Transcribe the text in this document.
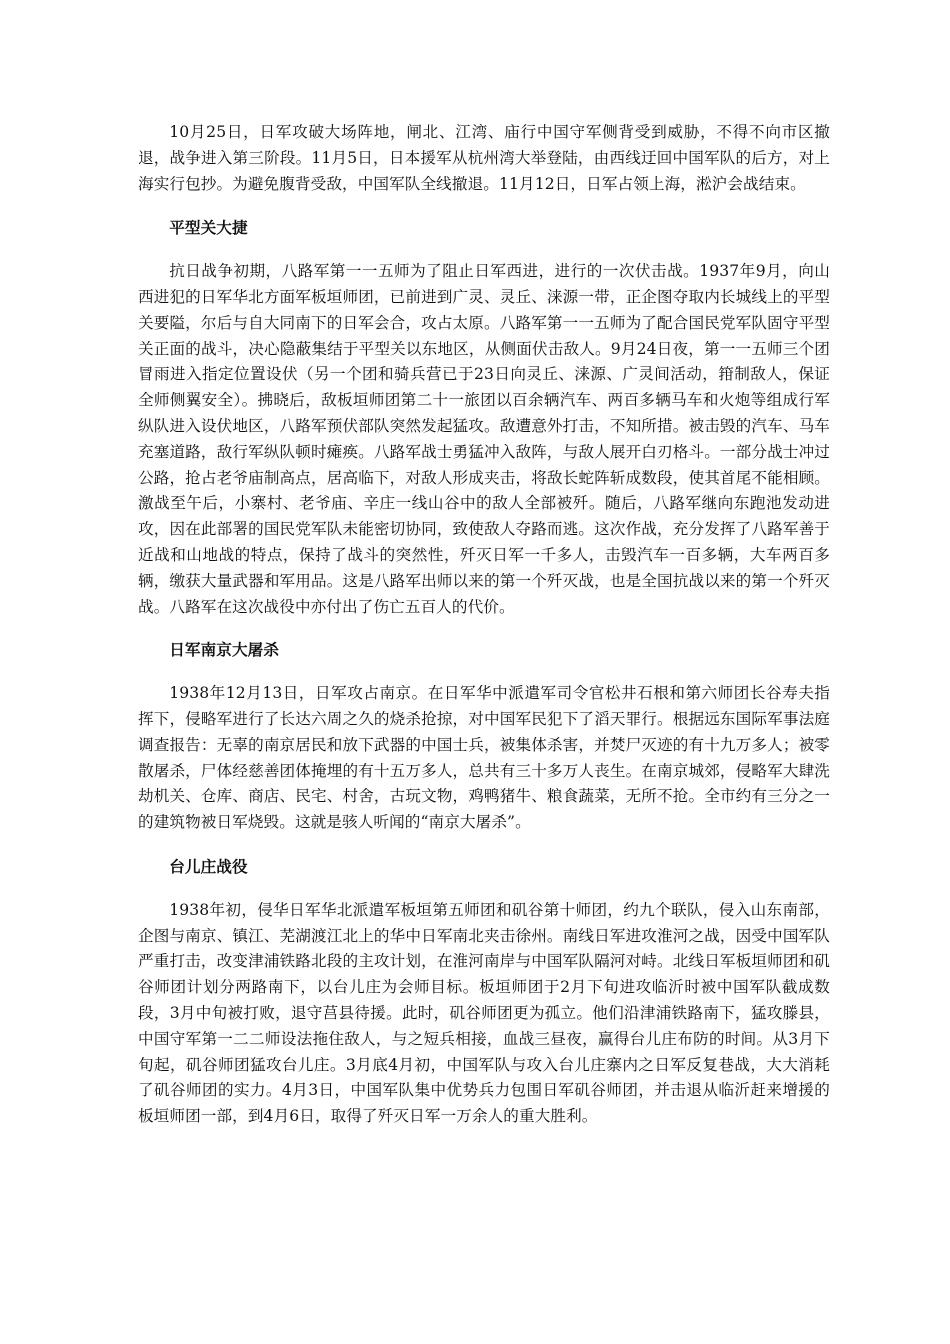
10月25日，日军攻破大场阵地，闸北、江湾、庙行中国守军侧背受到威胁，不得不向市区撤退，战争进入第三阶段。11月5日，日本援军从杭州湾大举登陆，由西线迂回中国军队的后方，对上海实行包抄。为避免腹背受敌，中国军队全线撤退。11月12日，日军占领上海，淞沪会战结束。

平型关大捷

抗日战争初期，八路军第一一五师为了阻止日军西进，进行的一次伏击战。1937年9月，向山西进犯的日军华北方面军板垣师团，已前进到广灵、灵丘、涞源一带，正企图夺取内长城线上的平型关要隘，尔后与自大同南下的日军会合，攻占太原。八路军第一一五师为了配合国民党军队固守平型关正面的战斗，决心隐蔽集结于平型关以东地区，从侧面伏击敌人。9月24日夜，第一一五师三个团冒雨进入指定位置设伏（另一个团和骑兵营已于23日向灵丘、涞源、广灵间活动，箝制敌人，保证全师侧翼安全）。拂晓后，敌板垣师团第二十一旅团以百余辆汽车、两百多辆马车和火炮等组成行军纵队进入设伏地区，八路军预伏部队突然发起猛攻。敌遭意外打击，不知所措。被击毁的汽车、马车充塞道路，敌行军纵队顿时瘫痪。八路军战士勇猛冲入敌阵，与敌人展开白刃格斗。一部分战士冲过公路，抢占老爷庙制高点，居高临下，对敌人形成夹击，将敌长蛇阵斩成数段，使其首尾不能相顾。激战至午后，小寨村、老爷庙、辛庄一线山谷中的敌人全部被歼。随后，八路军继向东跑池发动进攻，因在此部署的国民党军队未能密切协同，致使敌人夺路而逃。这次作战，充分发挥了八路军善于近战和山地战的特点，保持了战斗的突然性，歼灭日军一千多人，击毁汽车一百多辆，大车两百多辆，缴获大量武器和军用品。这是八路军出师以来的第一个歼灭战，也是全国抗战以来的第一个歼灭战。八路军在这次战役中亦付出了伤亡五百人的代价。

日军南京大屠杀

1938年12月13日，日军攻占南京。在日军华中派遣军司令官松井石根和第六师团长谷寿夫指挥下，侵略军进行了长达六周之久的烧杀抢掠，对中国军民犯下了滔天罪行。根据远东国际军事法庭调查报告：无辜的南京居民和放下武器的中国士兵，被集体杀害，并焚尸灭迹的有十九万多人；被零散屠杀，尸体经慈善团体掩埋的有十五万多人，总共有三十多万人丧生。在南京城郊，侵略军大肆洗劫机关、仓库、商店、民宅、村舍，古玩文物，鸡鸭猪牛、粮食蔬菜，无所不抢。全市约有三分之一的建筑物被日军烧毁。这就是骇人听闻的“南京大屠杀”。

台儿庄战役

1938年初，侵华日军华北派遣军板垣第五师团和矶谷第十师团，约九个联队，侵入山东南部，企图与南京、镇江、芜湖渡江北上的华中日军南北夹击徐州。南线日军进攻淮河之战，因受中国军队严重打击，改变津浦铁路北段的主攻计划，在淮河南岸与中国军队隔河对峙。北线日军板垣师团和矶谷师团计划分两路南下，以台儿庄为会师目标。板垣师团于2月下旬进攻临沂时被中国军队截成数段，3月中旬被打败，退守莒县待援。此时，矶谷师团更为孤立。他们沿津浦铁路南下，猛攻滕县，中国守军第一二二师设法拖住敌人，与之短兵相接，血战三昼夜，赢得台儿庄布防的时间。从3月下旬起，矶谷师团猛攻台儿庄。3月底4月初，中国军队与攻入台儿庄寨内之日军反复巷战，大大消耗了矶谷师团的实力。4月3日，中国军队集中优势兵力包围日军矶谷师团，并击退从临沂赶来增援的板垣师团一部，到4月6日，取得了歼灭日军一万余人的重大胜利。
